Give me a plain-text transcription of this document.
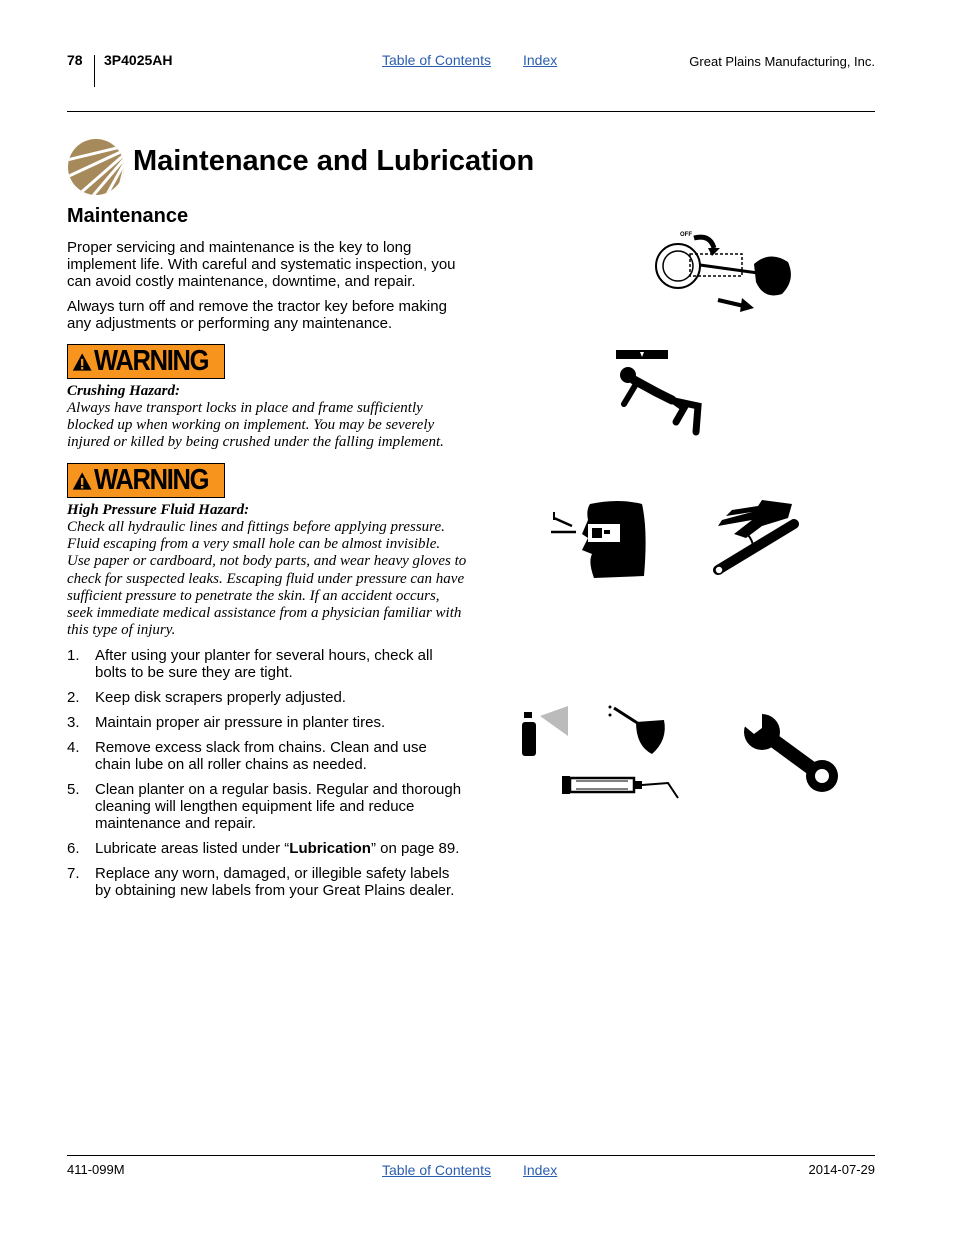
78 3P4025AH	Table of Contents Index	Great Plains Manufacturing, Inc.
Maintenance and Lubrication
Maintenance

Proper servicing and maintenance is the key to long implement life. With careful and systematic inspection, you can avoid costly maintenance, downtime, and repair.

Always turn off and remove the tractor key before making any adjustments or performing any maintenance.

WARNING

Crushing Hazard:

Always have transport locks in place and frame sufficiently blocked up when working on implement. You may be severely injured or killed by being crushed under the falling implement.

WARNING

High Pressure Fluid Hazard:

Check all hydraulic lines and fittings before applying pressure. Fluid escaping from a very small hole can be almost invisible. Use paper or cardboard, not body parts, and wear heavy gloves to check for suspected leaks. Escaping fluid under pressure can have sufficient pressure to penetrate the skin. If an accident occurs, seek immediate medical assistance from a physician familiar with this type of injury.

1. After using your planter for several hours, check all bolts to be sure they are tight.
2. Keep disk scrapers properly adjusted.
3. Maintain proper air pressure in planter tires.
4. Remove excess slack from chains. Clean and use chain lube on all roller chains as needed.
5. Clean planter on a regular basis. Regular and thorough cleaning will lengthen equipment life and reduce maintenance and repair.
6. Lubricate areas listed under “Lubrication” on page 89.
7. Replace any worn, damaged, or illegible safety labels by obtaining new labels from your Great Plains dealer.
OFF
411-099M	Table of Contents Index	2014-07-29
